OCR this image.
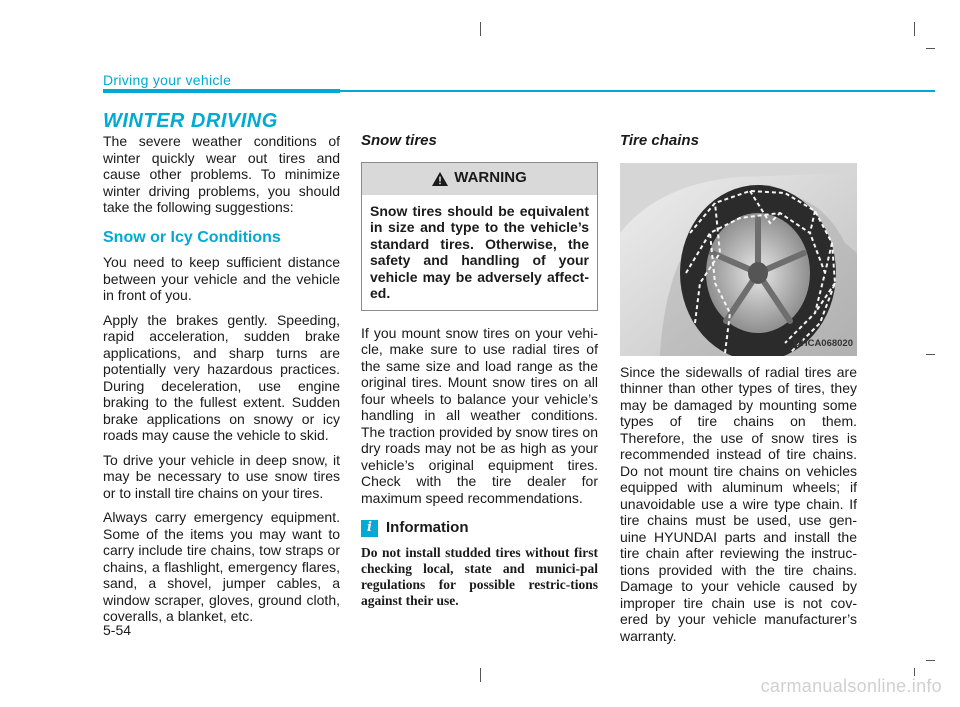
Driving your vehicle
WINTER DRIVING

The severe weather conditions of winter quickly wear out tires and cause other problems. To minimize winter driving problems, you should take the following suggestions:

Snow or Icy Conditions

You need to keep sufficient distance between your vehicle and the vehicle in front of you.

Apply the brakes gently. Speeding, rapid acceleration, sudden brake applications, and sharp turns are potentially very hazardous practices. During deceleration, use engine braking to the fullest extent. Sudden brake applications on snowy or icy roads may cause the vehicle to skid.

To drive your vehicle in deep snow, it may be necessary to use snow tires or to install tire chains on your tires.

Always carry emergency equipment. Some of the items you may want to carry include tire chains, tow straps or chains, a flashlight, emergency flares, sand, a shovel, jumper cables, a window scraper, gloves, ground cloth, coveralls, a blanket, etc.

Snow tires
WARNING
Snow tires should be equivalent in size and type to the vehicle’s standard tires. Otherwise, the safety and handling of your vehicle may be adversely affect-ed.

If you mount snow tires on your vehi-cle, make sure to use radial tires of the same size and load range as the original tires. Mount snow tires on all four wheels to balance your vehicle’s handling in all weather conditions. The traction provided by snow tires on dry roads may not be as high as your vehicle’s original equipment tires. Check with the tire dealer for maximum speed recommendations.

i Information

Do not install studded tires without first checking local, state and munici-pal regulations for possible restric-tions against their use.

Tire chains
OHCA068020

Since the sidewalls of radial tires are thinner than other types of tires, they may be damaged by mounting some types of tire chains on them. Therefore, the use of snow tires is recommended instead of tire chains. Do not mount tire chains on vehicles equipped with aluminum wheels; if unavoidable use a wire type chain. If tire chains must be used, use gen-uine HYUNDAI parts and install the tire chain after reviewing the instruc-tions provided with the tire chains. Damage to your vehicle caused by improper tire chain use is not cov-ered by your vehicle manufacturer’s warranty.

5-54
carmanualsonline.info
